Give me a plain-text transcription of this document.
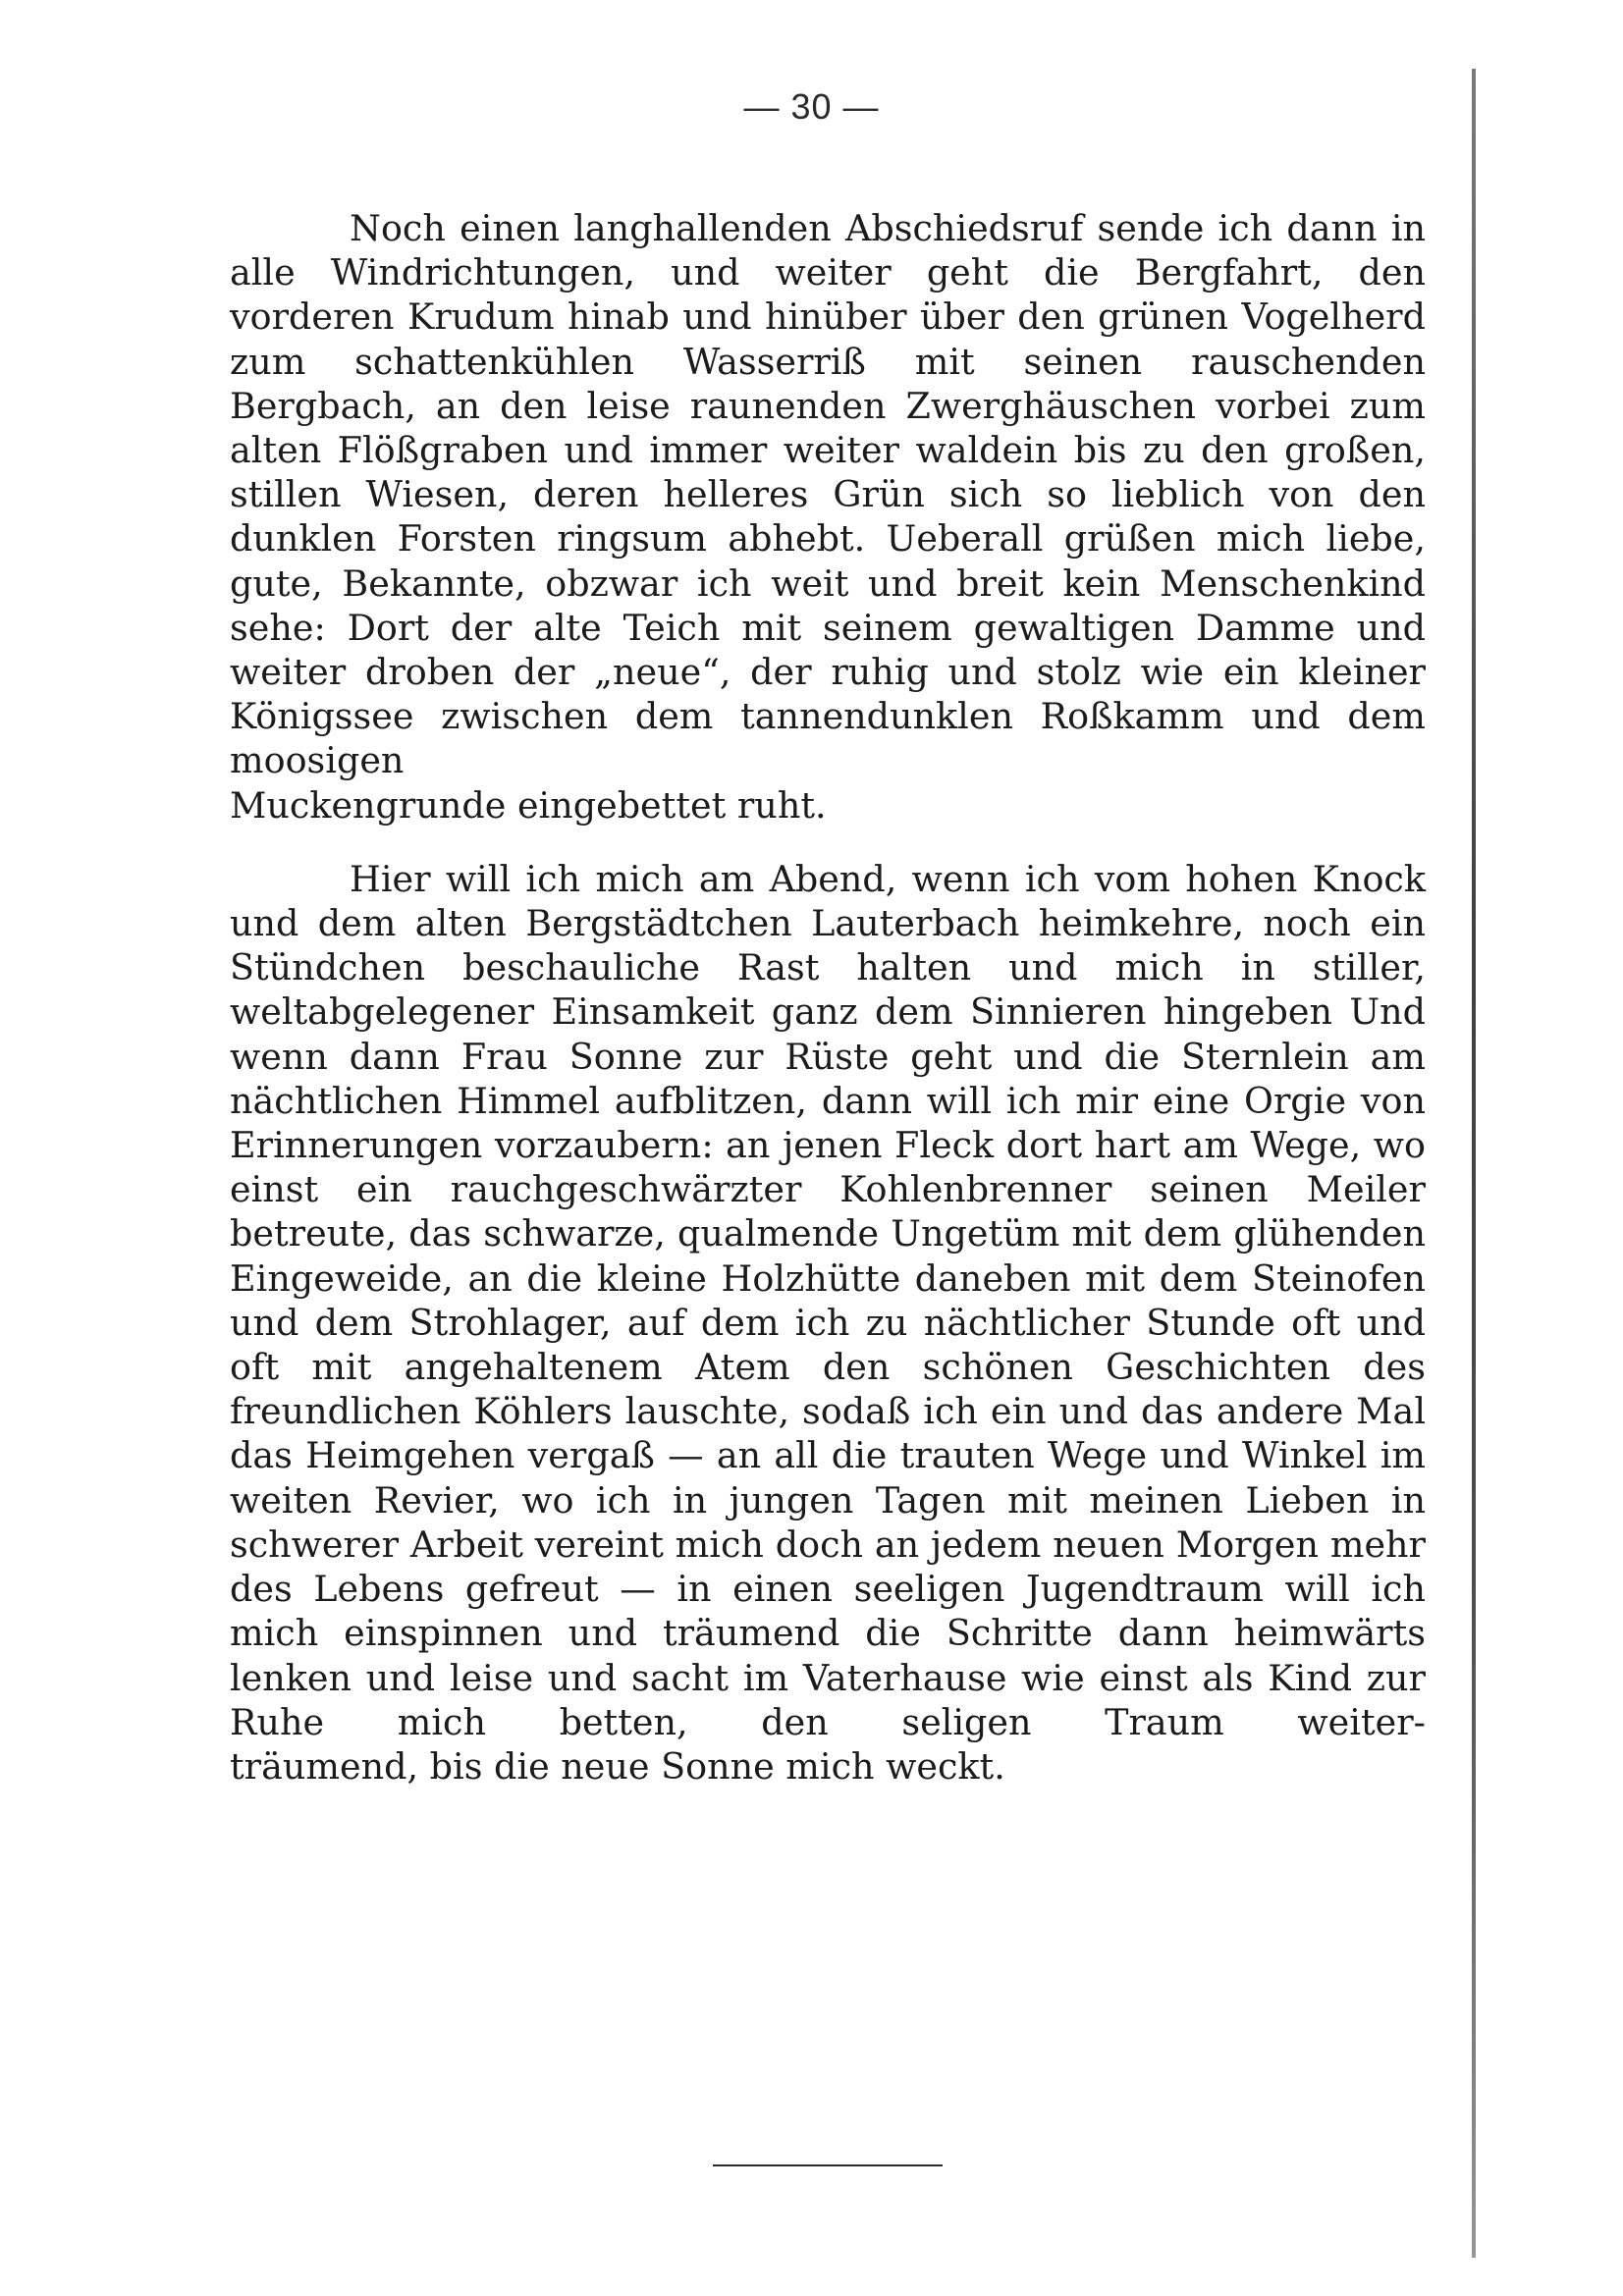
— 30 —

Noch einen langhallenden Abschiedsruf sende ich dann in alle Windrichtungen, und weiter geht die Bergfahrt, den vorderen Krudum hinab und hinüber über den grünen Vogelherd zum schattenkühlen Wasserriß mit seinen rauschenden Bergbach, an den leise raunenden Zwerghäuschen vorbei zum alten Flößgraben und immer weiter waldein bis zu den großen, stillen Wiesen, deren helleres Grün sich so lieblich von den dunklen Forsten ringsum abhebt. Ueberall grüßen mich liebe, gute, Bekannte, obzwar ich weit und breit kein Menschenkind sehe: Dort der alte Teich mit seinem gewaltigen Damme und weiter droben der „neue“, der ruhig und stolz wie ein kleiner Königssee zwischen dem tannendunklen Roßkamm und dem moosigen
Muckengrunde eingebettet ruht.

Hier will ich mich am Abend, wenn ich vom hohen Knock und dem alten Bergstädtchen Lauterbach heimkehre, noch ein Stündchen beschauliche Rast halten und mich in stiller, weltabgelegener Einsamkeit ganz dem Sinnieren hingeben Und wenn dann Frau Sonne zur Rüste geht und die Sternlein am nächtlichen Himmel aufblitzen, dann will ich mir eine Orgie von Erinnerungen vorzaubern: an jenen Fleck dort hart am Wege, wo einst ein rauchgeschwärzter Kohlenbrenner seinen Meiler betreute, das schwarze, qualmende Ungetüm mit dem glühenden Eingeweide, an die kleine Holzhütte daneben mit dem Steinofen und dem Strohlager, auf dem ich zu nächtlicher Stunde oft und oft mit angehaltenem Atem den schönen Geschichten des freundlichen Köhlers lauschte, sodaß ich ein und das andere Mal das Heimgehen vergaß — an all die trauten Wege und Winkel im weiten Revier, wo ich in jungen Tagen mit meinen Lieben in schwerer Arbeit vereint mich doch an jedem neuen Morgen mehr des Lebens gefreut — in einen seeligen Jugendtraum will ich mich einspinnen und träumend die Schritte dann heimwärts lenken und leise und sacht im Vaterhause wie einst als Kind zur Ruhe mich betten, den seligen Traum weiter-
träumend, bis die neue Sonne mich weckt.
